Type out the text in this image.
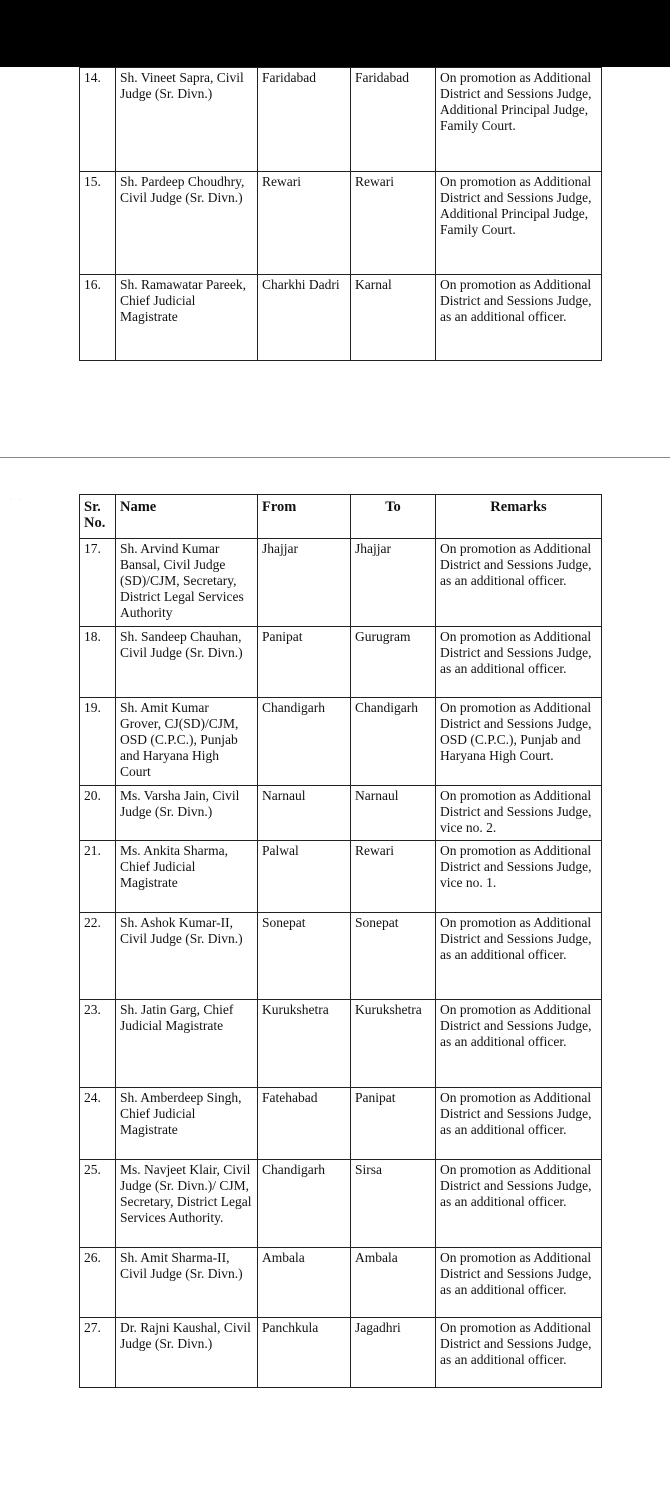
14.	Sh. Vineet Sapra, Civil Judge (Sr. Divn.)	Faridabad	Faridabad	On promotion as Additional District and Sessions Judge, Additional Principal Judge, Family Court.
15.	Sh. Pardeep Choudhry, Civil Judge (Sr. Divn.)	Rewari	Rewari	On promotion as Additional District and Sessions Judge, Additional Principal Judge, Family Court.
16.	Sh. Ramawatar Pareek, Chief Judicial Magistrate	Charkhi Dadri	Karnal	On promotion as Additional District and Sessions Judge, as an additional officer.
· ·	Sr. No.	Name	From	To	Remarks
17.	Sh. Arvind Kumar Bansal, Civil Judge (SD)/CJM, Secretary, District Legal Services Authority	Jhajjar	Jhajjar	On promotion as Additional District and Sessions Judge, as an additional officer.
18.	Sh. Sandeep Chauhan, Civil Judge (Sr. Divn.)	Panipat	Gurugram	On promotion as Additional District and Sessions Judge, as an additional officer.
19.	Sh. Amit Kumar Grover, CJ(SD)/CJM, OSD (C.P.C.), Punjab and Haryana High Court	Chandigarh	Chandigarh	On promotion as Additional District and Sessions Judge, OSD (C.P.C.), Punjab and Haryana High Court.
20.	Ms. Varsha Jain, Civil Judge (Sr. Divn.)	Narnaul	Narnaul	On promotion as Additional District and Sessions Judge, vice no. 2.
21.	Ms. Ankita Sharma, Chief Judicial Magistrate	Palwal	Rewari	On promotion as Additional District and Sessions Judge, vice no. 1.
22.	Sh. Ashok Kumar-II, Civil Judge (Sr. Divn.)	Sonepat	Sonepat	On promotion as Additional District and Sessions Judge, as an additional officer.
23.	Sh. Jatin Garg, Chief Judicial Magistrate	Kurukshetra	Kurukshetra	On promotion as Additional District and Sessions Judge, as an additional officer.
24.	Sh. Amberdeep Singh, Chief Judicial Magistrate	Fatehabad	Panipat	On promotion as Additional District and Sessions Judge, as an additional officer.
25.	Ms. Navjeet Klair, Civil Judge (Sr. Divn.)/ CJM, Secretary, District Legal Services Authority.	Chandigarh	Sirsa	On promotion as Additional District and Sessions Judge, as an additional officer.
26.	Sh. Amit Sharma-II, Civil Judge (Sr. Divn.)	Ambala	Ambala	On promotion as Additional District and Sessions Judge, as an additional officer.
27.	Dr. Rajni Kaushal, Civil Judge (Sr. Divn.)	Panchkula	Jagadhri	On promotion as Additional District and Sessions Judge, as an additional officer.
